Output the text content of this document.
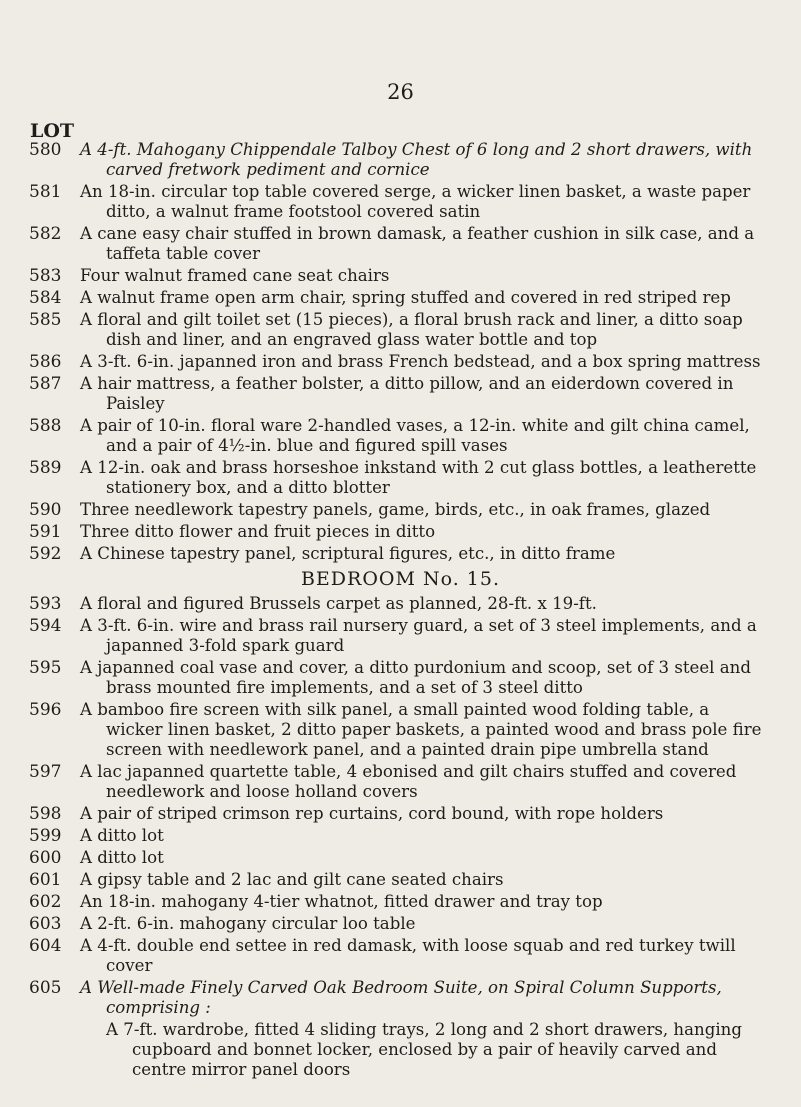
26
LOT
580 A 4-ft. Mahogany Chippendale Talboy Chest of 6 long and 2 short drawers, with carved fretwork pediment and cornice
581 An 18-in. circular top table covered serge, a wicker linen basket, a waste paper ditto, a walnut frame footstool covered satin
582 A cane easy chair stuffed in brown damask, a feather cushion in silk case, and a taffeta table cover
583 Four walnut framed cane seat chairs
584 A walnut frame open arm chair, spring stuffed and covered in red striped rep
585 A floral and gilt toilet set (15 pieces), a floral brush rack and liner, a ditto soap dish and liner, and an engraved glass water bottle and top
586 A 3-ft. 6-in. japanned iron and brass French bedstead, and a box spring mattress
587 A hair mattress, a feather bolster, a ditto pillow, and an eiderdown covered in Paisley
588 A pair of 10-in. floral ware 2-handled vases, a 12-in. white and gilt china camel, and a pair of 4½-in. blue and figured spill vases
589 A 12-in. oak and brass horseshoe inkstand with 2 cut glass bottles, a leatherette stationery box, and a ditto blotter
590 Three needlework tapestry panels, game, birds, etc., in oak frames, glazed
591 Three ditto flower and fruit pieces in ditto
592 A Chinese tapestry panel, scriptural figures, etc., in ditto frame
BEDROOM No. 15.
593 A floral and figured Brussels carpet as planned, 28-ft. x 19-ft.
594 A 3-ft. 6-in. wire and brass rail nursery guard, a set of 3 steel implements, and a japanned 3-fold spark guard
595 A japanned coal vase and cover, a ditto purdonium and scoop, set of 3 steel and brass mounted fire implements, and a set of 3 steel ditto
596 A bamboo fire screen with silk panel, a small painted wood folding table, a wicker linen basket, 2 ditto paper baskets, a painted wood and brass pole fire screen with needlework panel, and a painted drain pipe umbrella stand
597 A lac japanned quartette table, 4 ebonised and gilt chairs stuffed and covered needlework and loose holland covers
598 A pair of striped crimson rep curtains, cord bound, with rope holders
599 A ditto lot
600 A ditto lot
601 A gipsy table and 2 lac and gilt cane seated chairs
602 An 18-in. mahogany 4-tier whatnot, fitted drawer and tray top
603 A 2-ft. 6-in. mahogany circular loo table
604 A 4-ft. double end settee in red damask, with loose squab and red turkey twill cover
605 A Well-made Finely Carved Oak Bedroom Suite, on Spiral Column Supports, comprising :
A 7-ft. wardrobe, fitted 4 sliding trays, 2 long and 2 short drawers, hanging cupboard and bonnet locker, enclosed by a pair of heavily carved and centre mirror panel doors
